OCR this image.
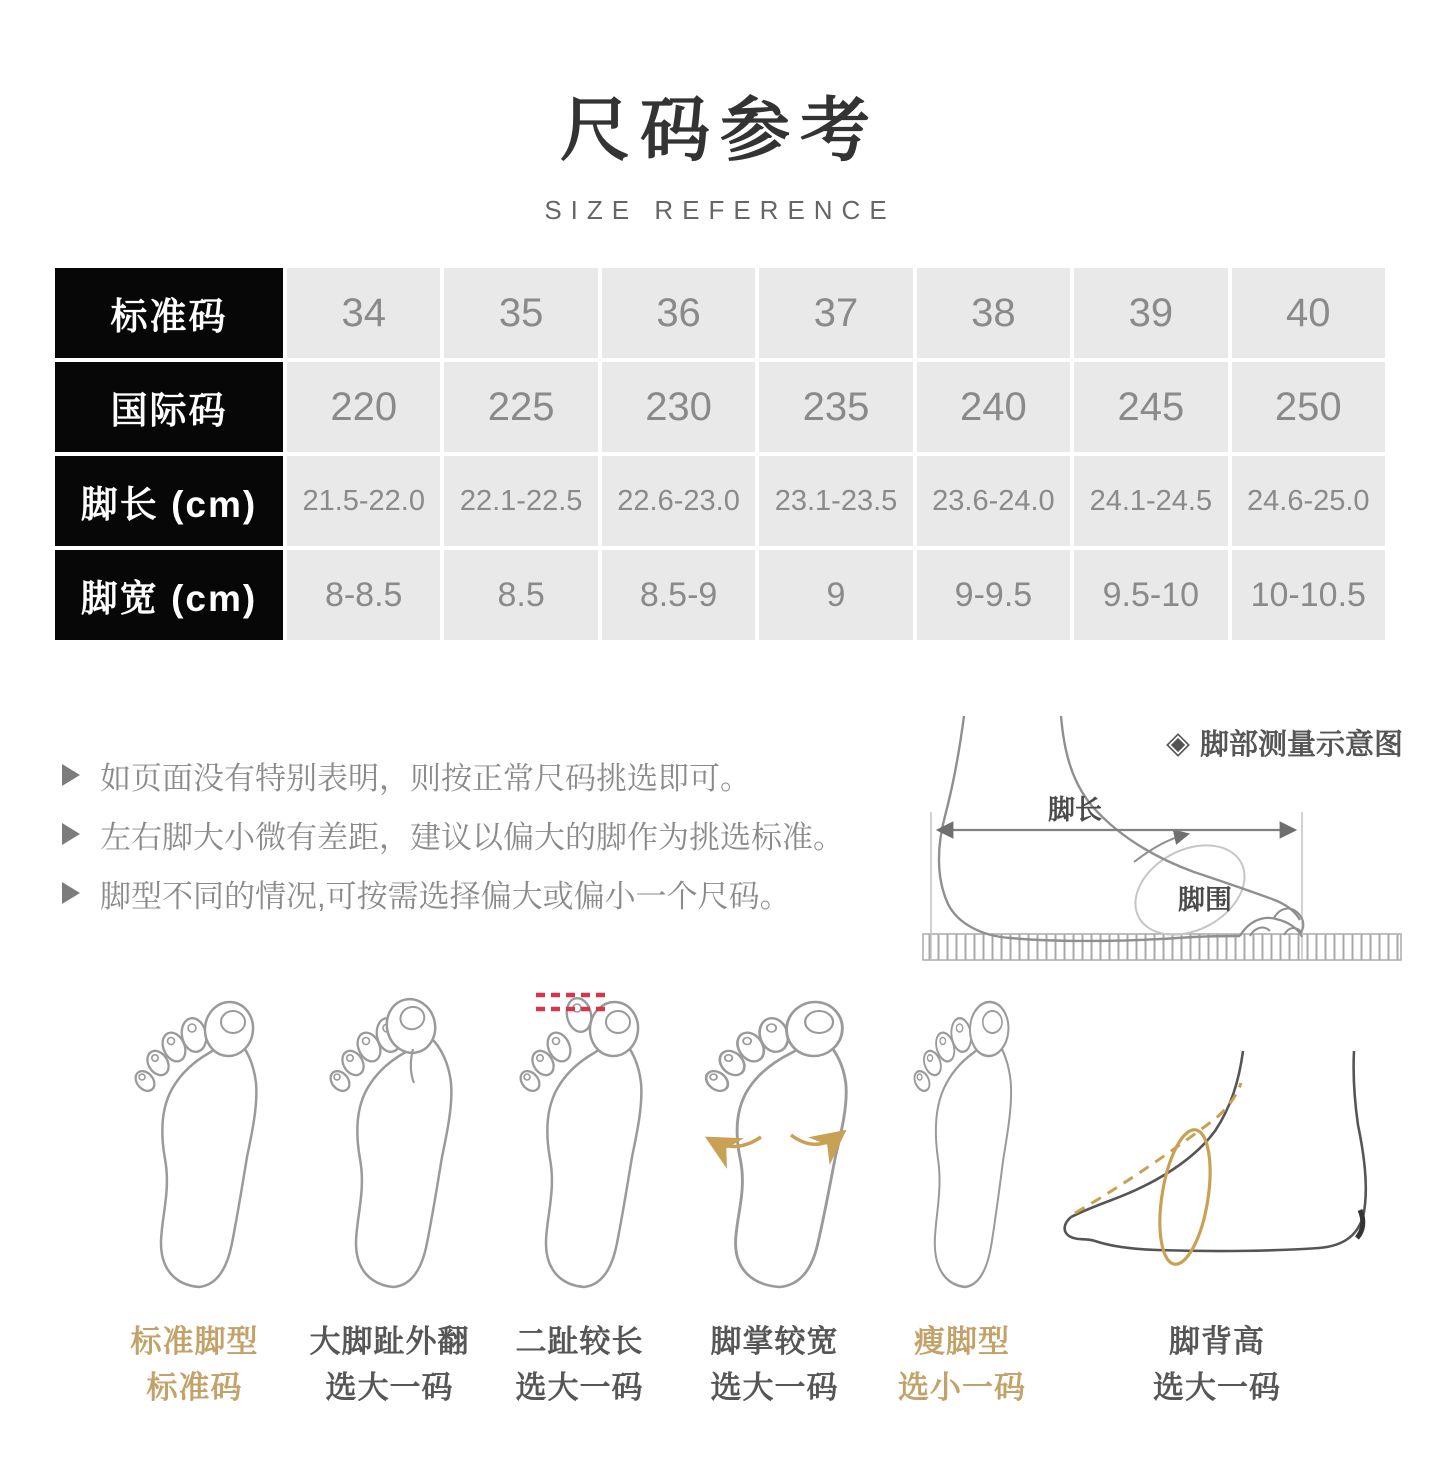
尺码参考
SIZE REFERENCE
标准码	34	35	36	37	38	39	40
国际码	220	225	230	235	240	245	250
脚长 (cm)	21.5-22.0	22.1-22.5	22.6-23.0	23.1-23.5	23.6-24.0	24.1-24.5	24.6-25.0
脚宽 (cm)	8-8.5	8.5	8.5-9	9	9-9.5	9.5-10	10-10.5
如页面没有特别表明，则按正常尺码挑选即可。
左右脚大小微有差距，建议以偏大的脚作为挑选标准。
脚型不同的情况,可按需选择偏大或偏小一个尺码。
脚长
脚围
◈ 脚部测量示意图
标准脚型
标准码
大脚趾外翻
选大一码
二趾较长
选大一码
脚掌较宽
选大一码
瘦脚型
选小一码
脚背高
选大一码
